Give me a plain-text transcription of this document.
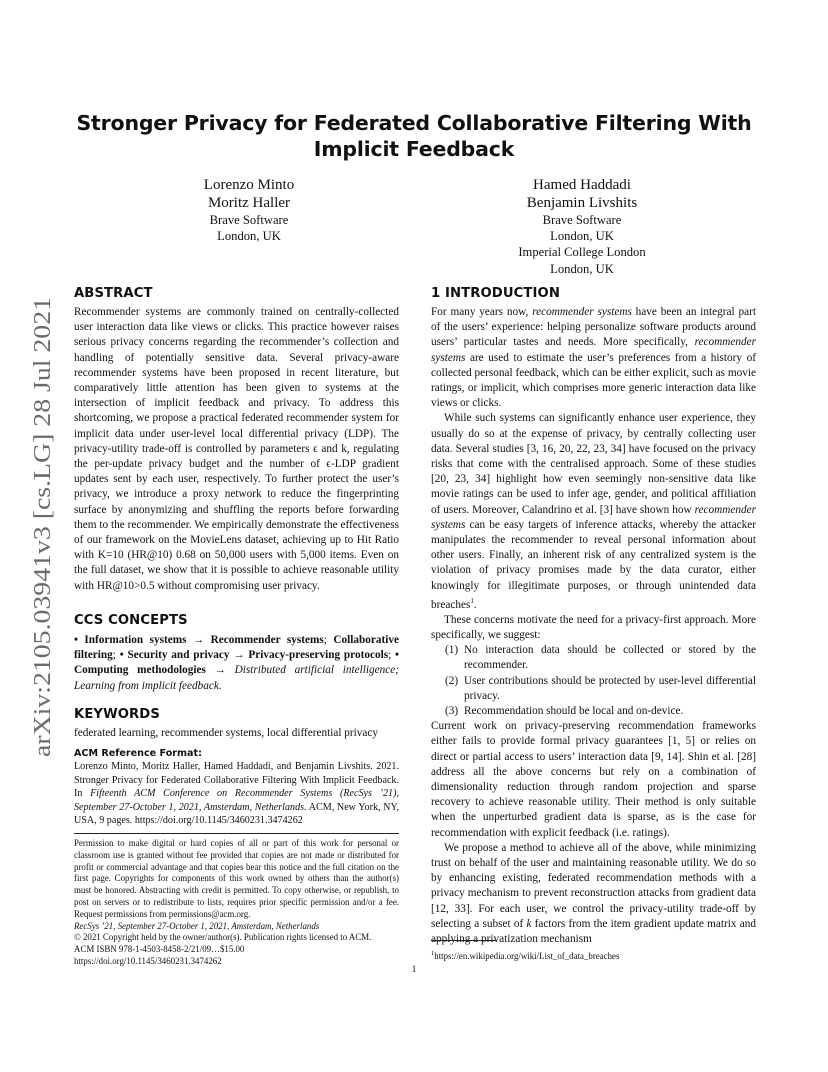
arXiv:2105.03941v3 [cs.LG] 28 Jul 2021
Stronger Privacy for Federated Collaborative Filtering With
Implicit Feedback
Lorenzo Minto
Moritz Haller
Brave Software
London, UK
Hamed Haddadi
Benjamin Livshits
Brave Software
London, UK
Imperial College London
London, UK
ABSTRACT

Recommender systems are commonly trained on centrally-collected user interaction data like views or clicks. This practice however raises serious privacy concerns regarding the recommender’s collection and handling of potentially sensitive data. Several privacy-aware recommender systems have been proposed in recent literature, but comparatively little attention has been given to systems at the intersection of implicit feedback and privacy. To address this shortcoming, we propose a practical federated recommender system for implicit data under user-level local differential privacy (LDP). The privacy-utility trade-off is controlled by parameters ϵ and k, regulating the per-update privacy budget and the number of ϵ-LDP gradient updates sent by each user, respectively. To further protect the user’s privacy, we introduce a proxy network to reduce the fingerprinting surface by anonymizing and shuffling the reports before forwarding them to the recommender. We empirically demonstrate the effectiveness of our framework on the MovieLens dataset, achieving up to Hit Ratio with K=10 (HR@10) 0.68 on 50,000 users with 5,000 items. Even on the full dataset, we show that it is possible to achieve reasonable utility with HR@10>0.5 without compromising user privacy.

CCS CONCEPTS

• Information systems → Recommender systems; Collaborative filtering; • Security and privacy → Privacy-preserving protocols; • Computing methodologies → Distributed artificial intelligence; Learning from implicit feedback.

KEYWORDS

federated learning, recommender systems, local differential privacy

ACM Reference Format:

Lorenzo Minto, Moritz Haller, Hamed Haddadi, and Benjamin Livshits. 2021. Stronger Privacy for Federated Collaborative Filtering With Implicit Feedback. In Fifteenth ACM Conference on Recommender Systems (RecSys ’21), September 27-October 1, 2021, Amsterdam, Netherlands. ACM, New York, NY, USA, 9 pages. https://doi.org/10.1145/3460231.3474262

Permission to make digital or hard copies of all or part of this work for personal or classroom use is granted without fee provided that copies are not made or distributed for profit or commercial advantage and that copies bear this notice and the full citation on the first page. Copyrights for components of this work owned by others than the author(s) must be honored. Abstracting with credit is permitted. To copy otherwise, or republish, to post on servers or to redistribute to lists, requires prior specific permission and/or a fee. Request permissions from permissions@acm.org.

RecSys ’21, September 27-October 1, 2021, Amsterdam, Netherlands

© 2021 Copyright held by the owner/author(s). Publication rights licensed to ACM.

ACM ISBN 978-1-4503-8458-2/21/09…$15.00

https://doi.org/10.1145/3460231.3474262

1 INTRODUCTION

For many years now, recommender systems have been an integral part of the users’ experience: helping personalize software products around users’ particular tastes and needs. More specifically, recommender systems are used to estimate the user’s preferences from a history of collected personal feedback, which can be either explicit, such as movie ratings, or implicit, which comprises more generic interaction data like views or clicks.

While such systems can significantly enhance user experience, they usually do so at the expense of privacy, by centrally collecting user data. Several studies [3, 16, 20, 22, 23, 34] have focused on the privacy risks that come with the centralised approach. Some of these studies [20, 23, 34] highlight how even seemingly non-sensitive data like movie ratings can be used to infer age, gender, and political affiliation of users. Moreover, Calandrino et al. [3] have shown how recommender systems can be easy targets of inference attacks, whereby the attacker manipulates the recommender to reveal personal information about other users. Finally, an inherent risk of any centralized system is the violation of privacy promises made by the data curator, either knowingly for illegitimate purposes, or through unintended data breaches$^1$.

These concerns motivate the need for a privacy-first approach. More specifically, we suggest:

(1) No interaction data should be collected or stored by the recommender.
(2) User contributions should be protected by user-level differential privacy.
(3) Recommendation should be local and on-device.

Current work on privacy-preserving recommendation frameworks either fails to provide formal privacy guarantees [1, 5] or relies on direct or partial access to users’ interaction data [9, 14]. Shin et al. [28] address all the above concerns but rely on a combination of dimensionality reduction through random projection and sparse recovery to achieve reasonable utility. Their method is only suitable when the unperturbed gradient data is sparse, as is the case for recommendation with explicit feedback (i.e. ratings).

We propose a method to achieve all of the above, while minimizing trust on behalf of the user and maintaining reasonable utility. We do so by enhancing existing, federated recommendation methods with a privacy mechanism to prevent reconstruction attacks from gradient data [12, 33]. For each user, we control the privacy-utility trade-off by selecting a subset of k factors from the item gradient update matrix and applying a privatization mechanism

$^1$https://en.wikipedia.org/wiki/List_of_data_breaches
1
